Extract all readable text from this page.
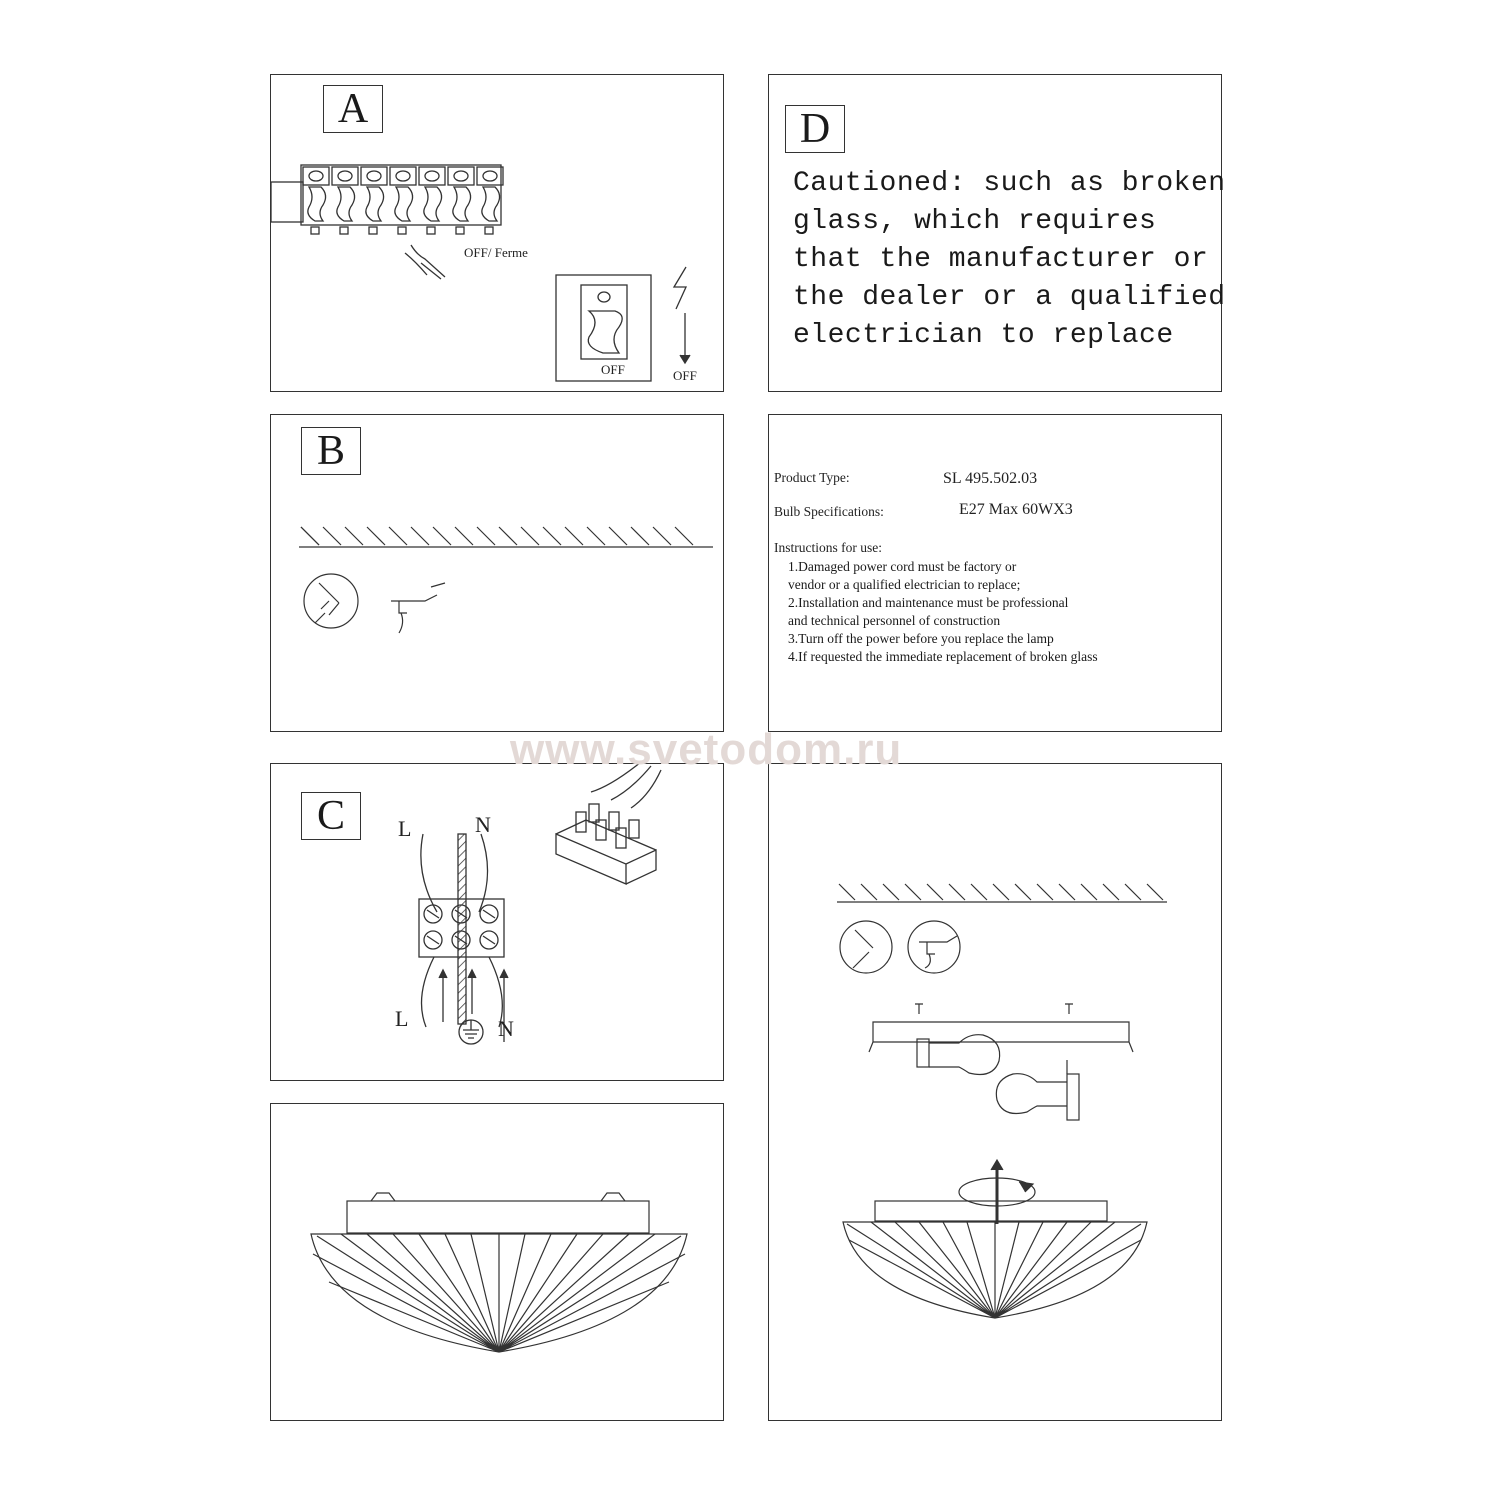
A
OFF/ Ferme
OFF	OFF
D
Cautioned: such as broken
glass, which requires
that the manufacturer or
the dealer or a qualified
electrician to replace
B
Product Type:	SL 495.502.03
Bulb Specifications:	E27 Max 60WX3
Instructions for use:
1.Damaged power cord must be factory or
vendor or a qualified electrician to replace;
2.Installation and maintenance must be professional
and technical personnel of construction
3.Turn off the power before you replace the lamp
4.If requested the immediate replacement of broken glass
C	L	N
L	N
www.svetodom.ru
